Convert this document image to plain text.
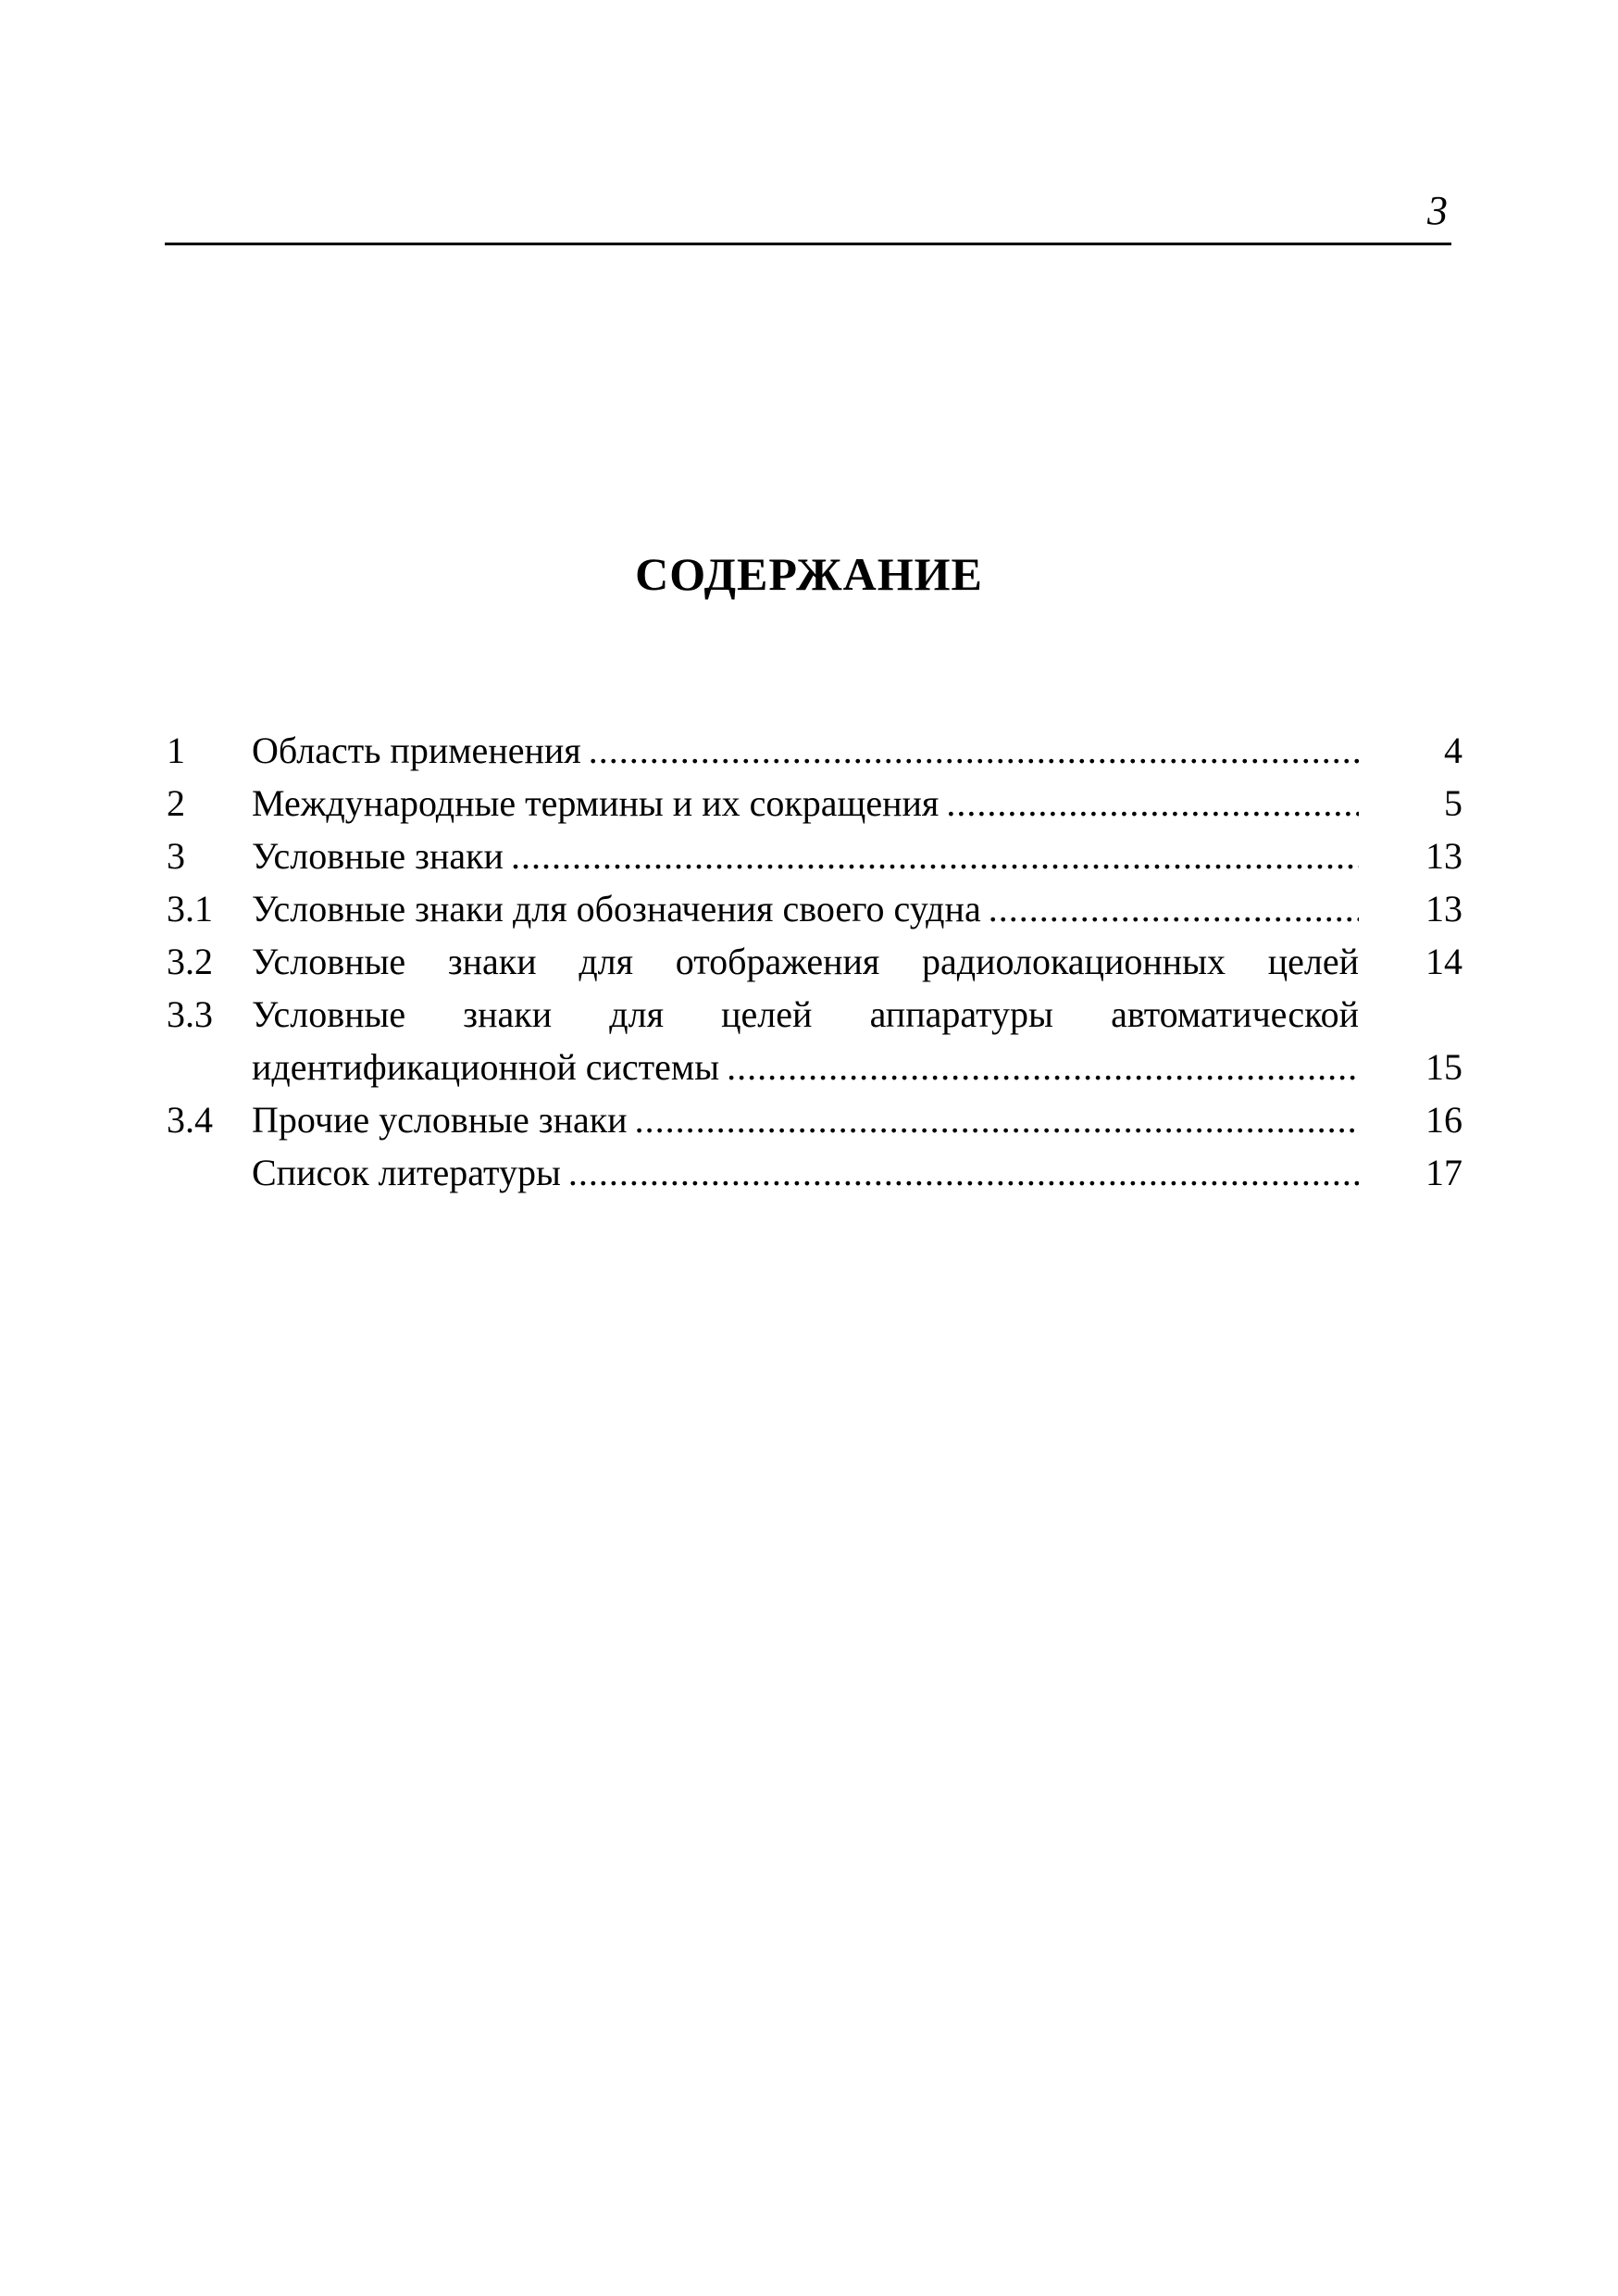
3
СОДЕРЖАНИЕ
1	Область применения .....	4
2	Международные термины и их сокращения .....	5
3	Условные знаки .....	13
3.1	Условные знаки для обозначения своего судна .....	13
3.2	Условные знаки для отображения радиолокационных целей	14
3.3	Условные знаки для целей аппаратуры автоматической
идентификационной системы .....	15
3.4	Прочие условные знаки .....	16
Список литературы .....	17
